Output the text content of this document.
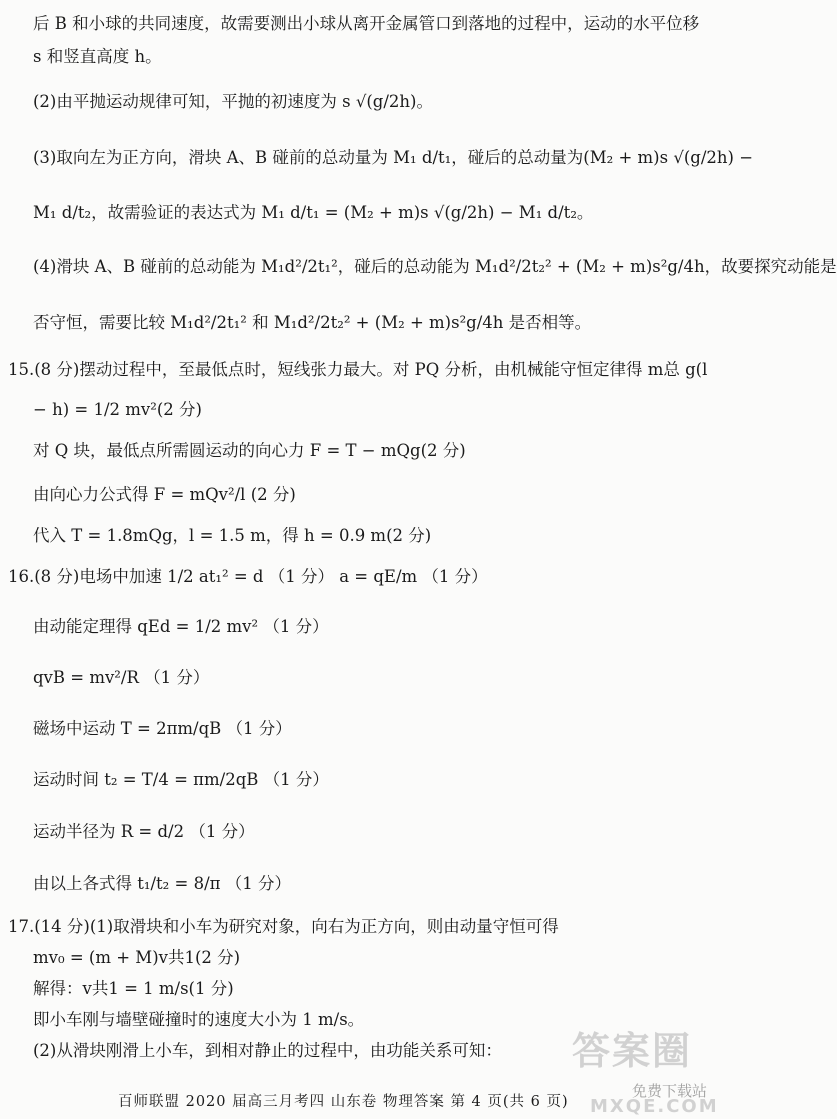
后 B 和小球的共同速度，故需要测出小球从离开金属管口到落地的过程中，运动的水平位移
s 和竖直高度 h。
(2)由平抛运动规律可知，平抛的初速度为 s √(g/2h)。
(3)取向左为正方向，滑块 A、B 碰前的总动量为 M₁ d/t₁，碰后的总动量为(M₂ + m)s √(g/2h) −
M₁ d/t₂，故需验证的表达式为 M₁ d/t₁ = (M₂ + m)s √(g/2h) − M₁ d/t₂。
(4)滑块 A、B 碰前的总动能为 M₁d²/2t₁²，碰后的总动能为 M₁d²/2t₂² + (M₂ + m)s²g/4h，故要探究动能是
否守恒，需要比较 M₁d²/2t₁² 和 M₁d²/2t₂² + (M₂ + m)s²g/4h 是否相等。
15.(8 分)摆动过程中，至最低点时，短线张力最大。对 PQ 分析，由机械能守恒定律得 m总 g(l
− h) = 1/2 mv²(2 分)
对 Q 块，最低点所需圆运动的向心力 F = T − mQg(2 分)
由向心力公式得 F = mQv²/l (2 分)
代入 T = 1.8mQg，l = 1.5 m，得 h = 0.9 m(2 分)
16.(8 分)电场中加速 1/2 at₁² = d （1 分） a = qE/m （1 分）
由动能定理得 qEd = 1/2 mv² （1 分）
qvB = mv²/R （1 分）
磁场中运动 T = 2πm/qB （1 分）
运动时间 t₂ = T/4 = πm/2qB （1 分）
运动半径为 R = d/2 （1 分）
由以上各式得 t₁/t₂ = 8/π （1 分）
17.(14 分)(1)取滑块和小车为研究对象，向右为正方向，则由动量守恒可得
mv₀ = (m + M)v共1(2 分)
解得：v共1 = 1 m/s(1 分)
即小车刚与墙壁碰撞时的速度大小为 1 m/s。
(2)从滑块刚滑上小车，到相对静止的过程中，由功能关系可知：
百师联盟 2020 届高三月考四 山东卷 物理答案 第 4 页(共 6 页)
答案圈
免费下载站
MXQE.COM
